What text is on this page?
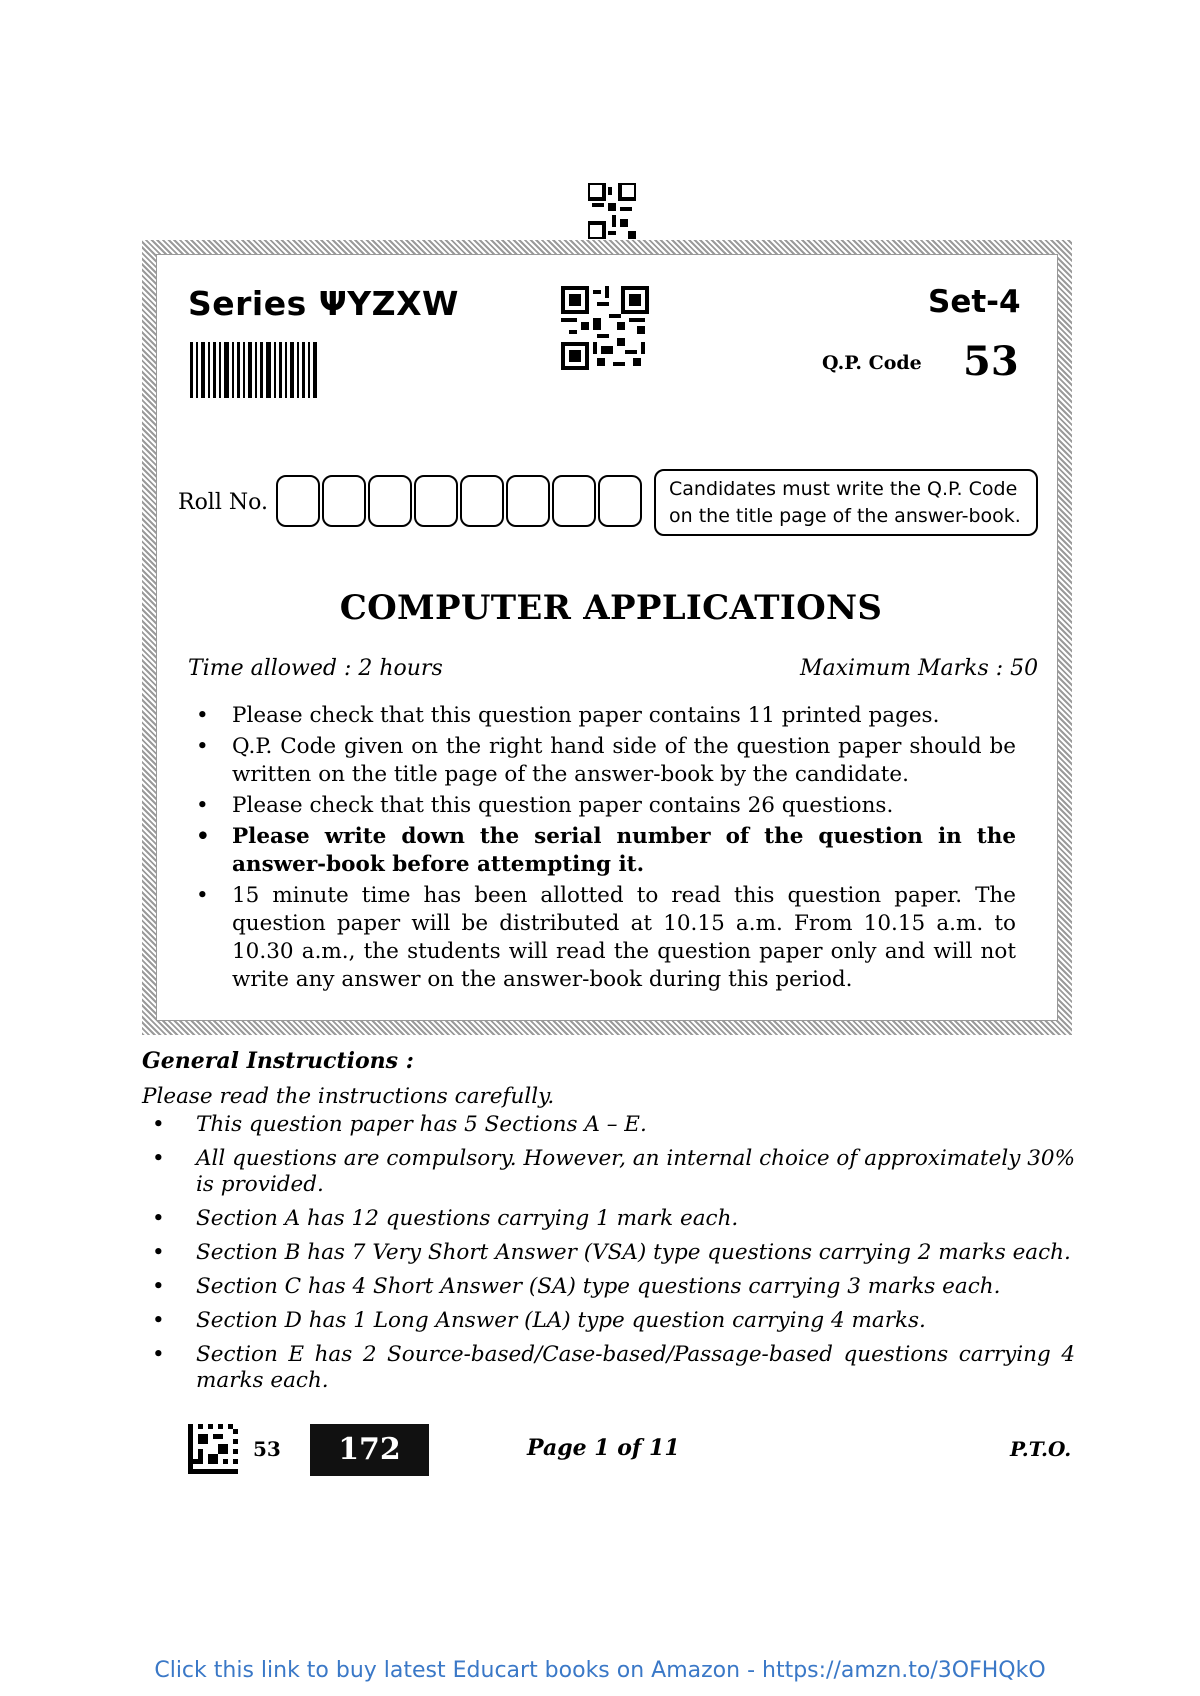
Series ΨYZXW	Set-4
Q.P. Code 53
Roll No.
Candidates must write the Q.P. Code
on the title page of the answer-book.
COMPUTER APPLICATIONS
Time allowed : 2 hours	Maximum Marks : 50
• Please check that this question paper contains 11 printed pages.
• Q.P. Code given on the right hand side of the question paper should be written on the title page of the answer-book by the candidate.
• Please check that this question paper contains 26 questions.
• Please write down the serial number of the question in the answer-book before attempting it.
• 15 minute time has been allotted to read this question paper. The question paper will be distributed at 10.15 a.m. From 10.15 a.m. to 10.30 a.m., the students will read the question paper only and will not write any answer on the answer-book during this period.
General Instructions :
Please read the instructions carefully.
• This question paper has 5 Sections A – E.
• All questions are compulsory. However, an internal choice of approximately 30% is provided.
• Section A has 12 questions carrying 1 mark each.
• Section B has 7 Very Short Answer (VSA) type questions carrying 2 marks each.
• Section C has 4 Short Answer (SA) type questions carrying 3 marks each.
• Section D has 1 Long Answer (LA) type question carrying 4 marks.
• Section E has 2 Source-based/Case-based/Passage-based questions carrying 4 marks each.
53	172	Page 1 of 11	P.T.O.
Click this link to buy latest Educart books on Amazon - https://amzn.to/3OFHQkO
